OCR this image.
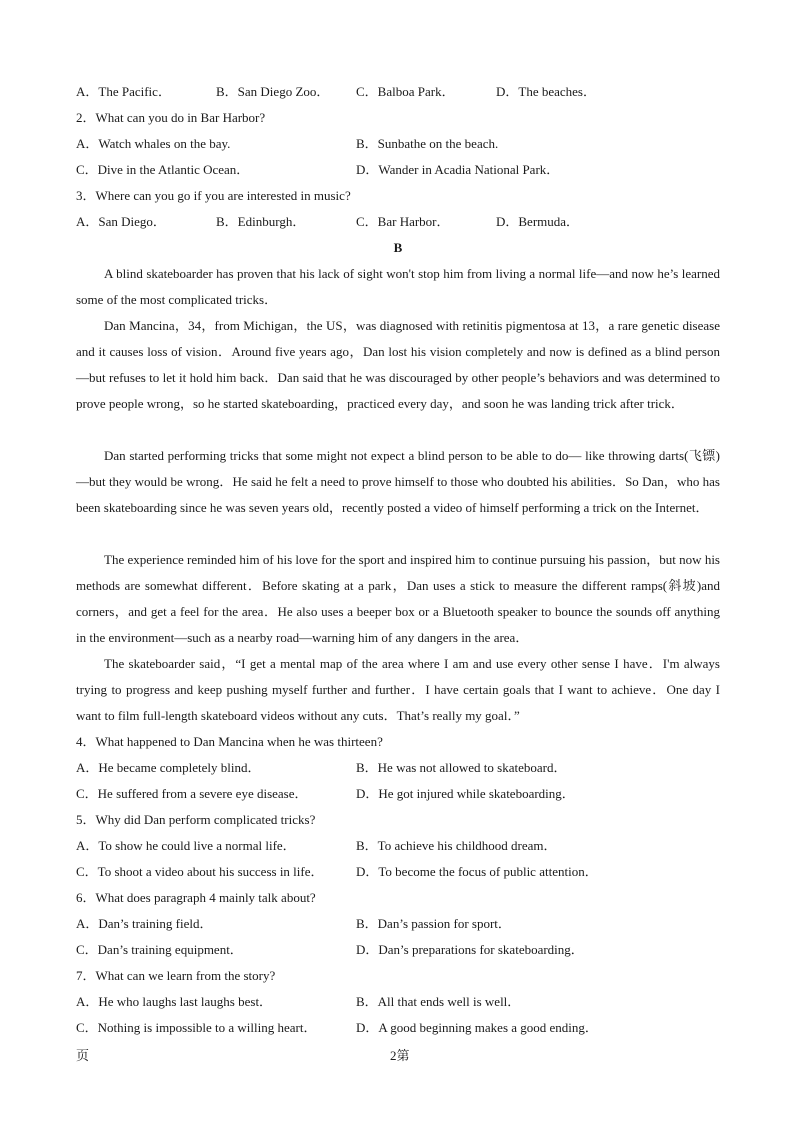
A．The Pacific．	B．San Diego Zoo． C．Balboa Park．	D．The beaches．
2．What can you do in Bar Harbor?
A．Watch whales on the bay.	B．Sunbathe on the beach.
C．Dive in the Atlantic Ocean．	D．Wander in Acadia National Park．
3．Where can you go if you are interested in music?
A．San Diego．	B．Edinburgh．	C．Bar Harbor．	D．Bermuda．
B
A blind skateboarder has proven that his lack of sight won't stop him from living a normal life—and now he’s learned some of the most complicated tricks．
Dan Mancina，34，from Michigan，the US，was diagnosed with retinitis pigmentosa at 13，a rare genetic disease and it causes loss of vision．Around five years ago，Dan lost his vision completely and now is defined as a blind person—but refuses to let it hold him back．Dan said that he was discouraged by other people’s behaviors and was determined to prove people wrong，so he started skateboarding，practiced every day，and soon he was landing trick after trick．
Dan started performing tricks that some might not expect a blind person to be able to do— like throwing darts(飞镖)—but they would be wrong．He said he felt a need to prove himself to those who doubted his abilities．So Dan，who has been skateboarding since he was seven years old，recently posted a video of himself performing a trick on the Internet．
The experience reminded him of his love for the sport and inspired him to continue pursuing his passion，but now his methods are somewhat different．Before skating at a park，Dan uses a stick to measure the different ramps(斜坡)and corners，and get a feel for the area．He also uses a beeper box or a Bluetooth speaker to bounce the sounds off anything in the environment—such as a nearby road—warning him of any dangers in the area．
The skateboarder said，“I get a mental map of the area where I am and use every other sense I have．I'm always trying to progress and keep pushing myself further and further．I have certain goals that I want to achieve．One day I want to film full-length skateboard videos without any cuts．That’s really my goal．”
4．What happened to Dan Mancina when he was thirteen?
A．He became completely blind．	B．He was not allowed to skateboard．
C．He suffered from a severe eye disease．	D．He got injured while skateboarding．
5．Why did Dan perform complicated tricks?
A．To show he could live a normal life．	B．To achieve his childhood dream．
C．To shoot a video about his success in life． D．To become the focus of public attention．
6．What does paragraph 4 mainly talk about?
A．Dan’s training field．	B．Dan’s passion for sport．
C．Dan’s training equipment．	D．Dan’s preparations for skateboarding．
7．What can we learn from the story?
A．He who laughs last laughs best．	B．All that ends well is well．
C．Nothing is impossible to a willing heart．	D．A good beginning makes a good ending．
页	2第
